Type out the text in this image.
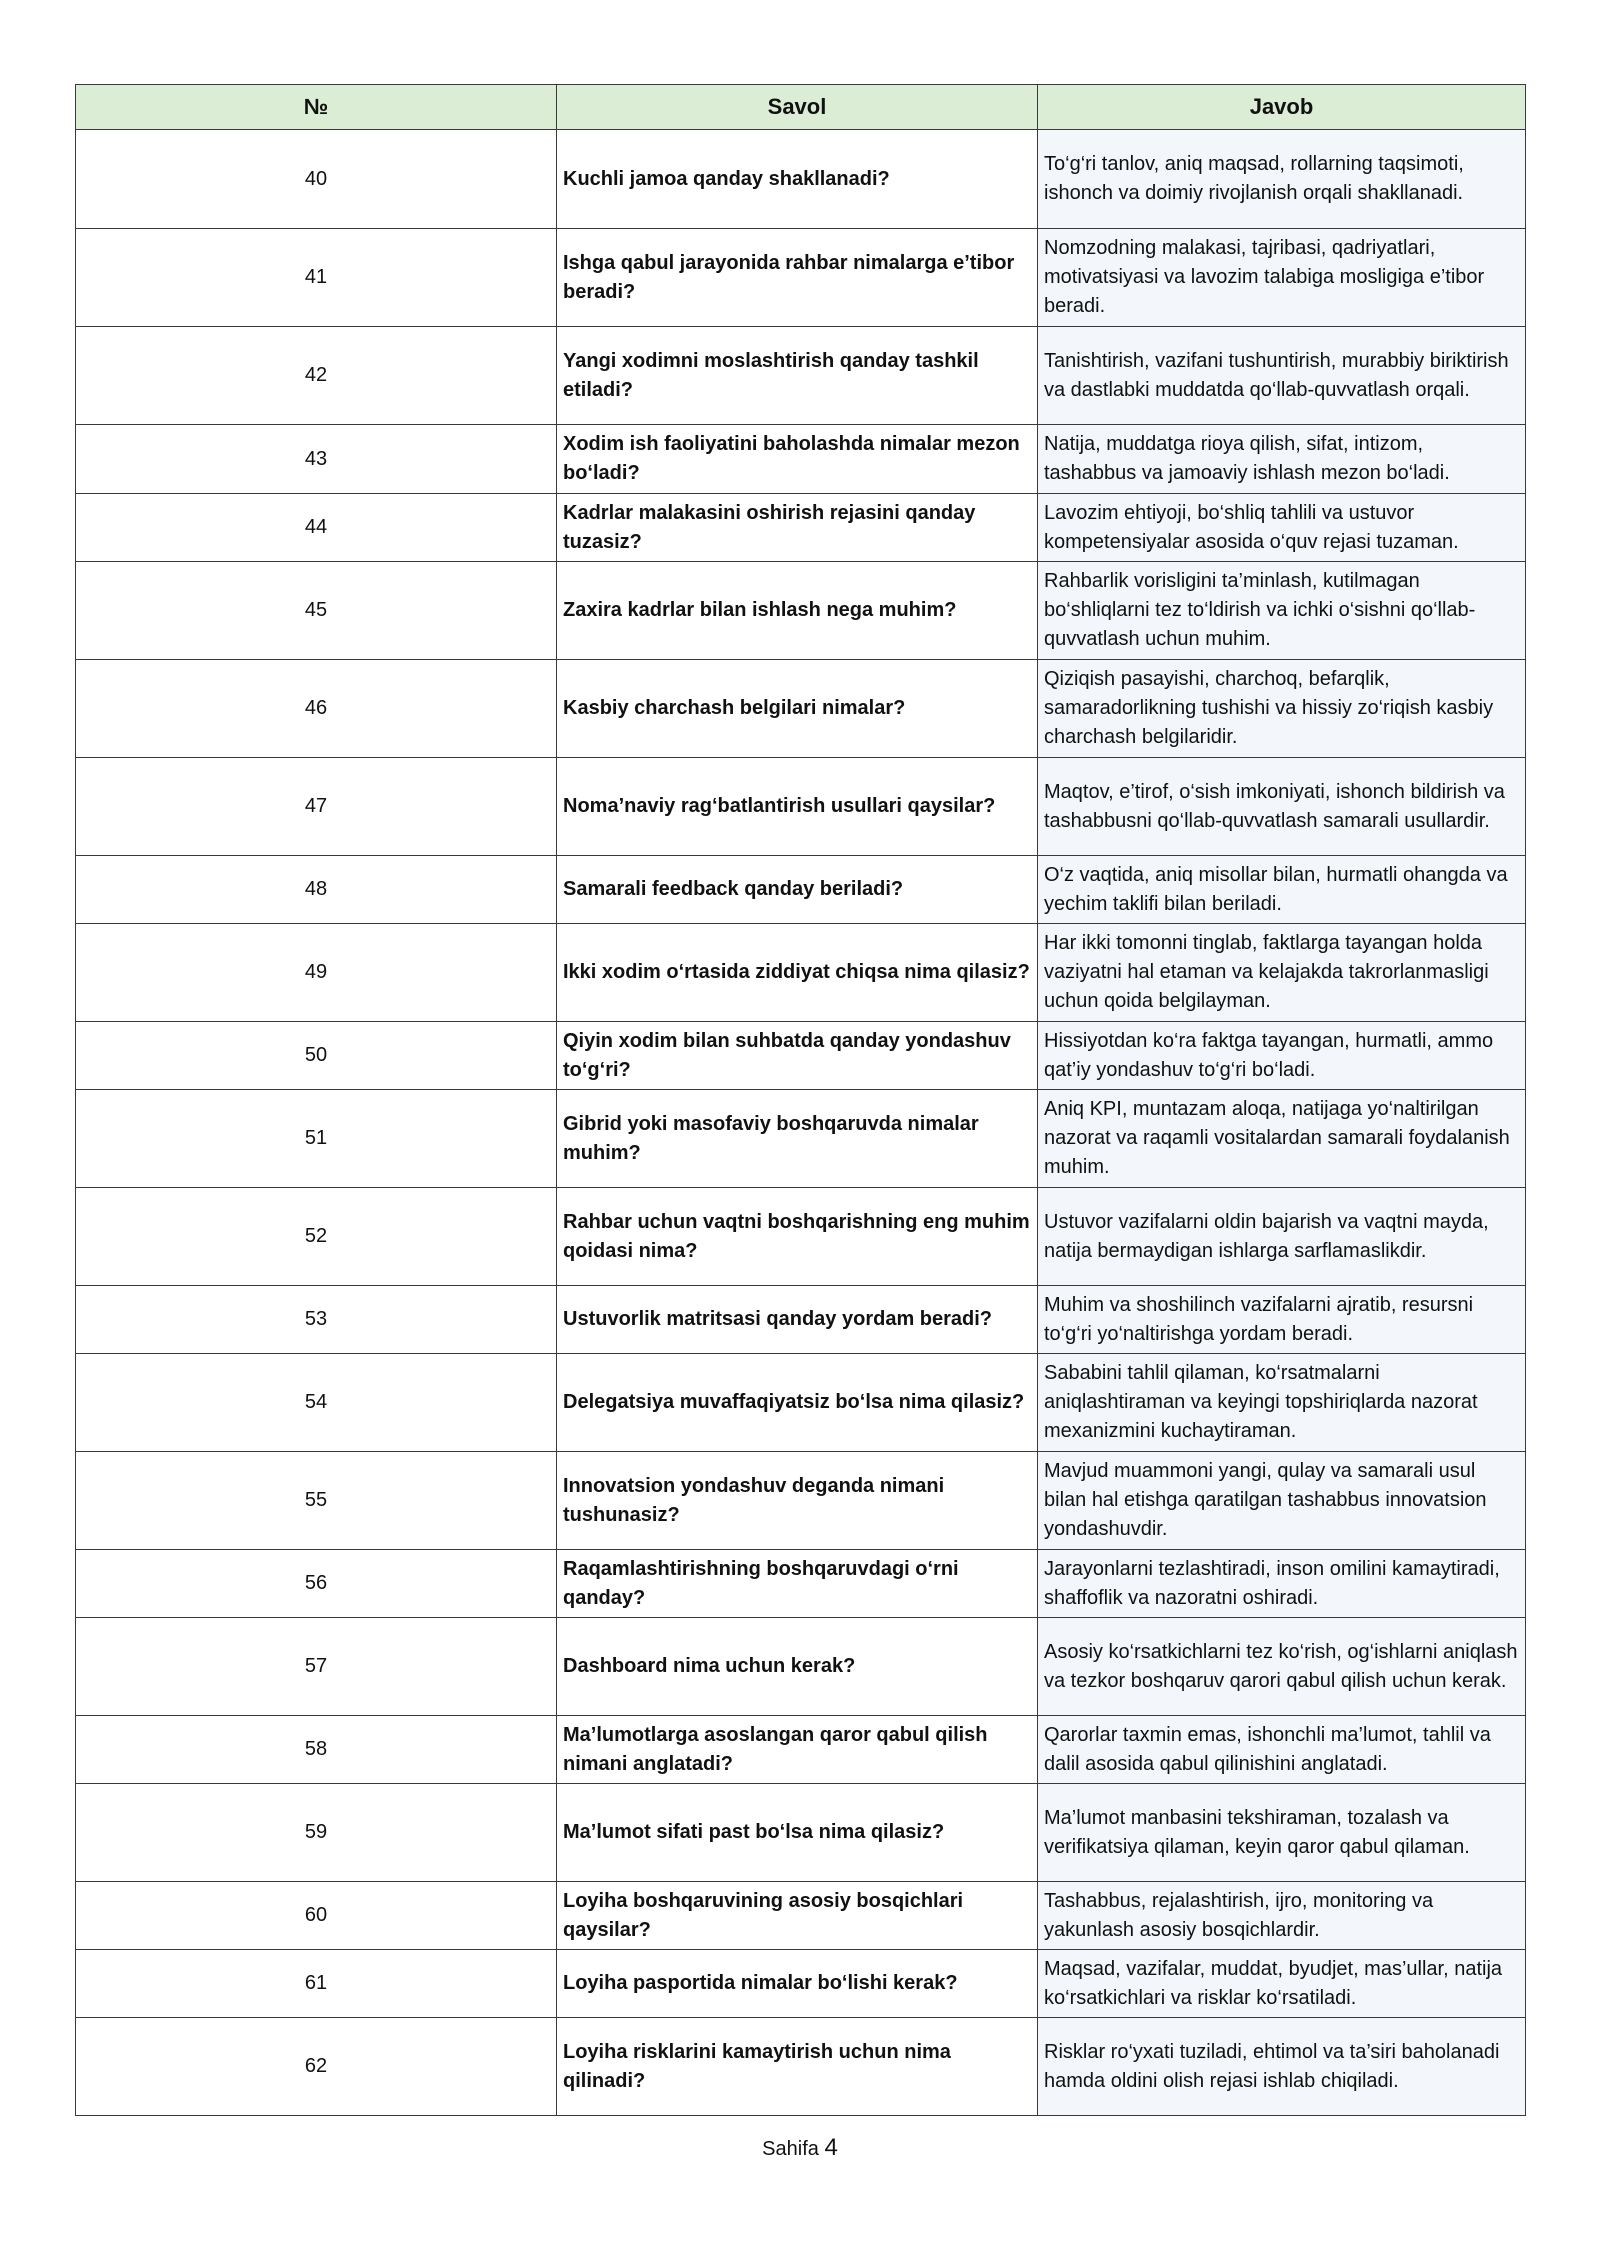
№	Savol	Javob
40	Kuchli jamoa qanday shakllanadi?	To‘g‘ri tanlov, aniq maqsad, rollarning taqsimoti, ishonch va doimiy rivojlanish orqali shakllanadi.
41	Ishga qabul jarayonida rahbar nimalarga e’tibor beradi?	Nomzodning malakasi, tajribasi, qadriyatlari, motivatsiyasi va lavozim talabiga mosligiga e’tibor beradi.
42	Yangi xodimni moslashtirish qanday tashkil etiladi?	Tanishtirish, vazifani tushuntirish, murabbiy biriktirish va dastlabki muddatda qo‘llab-quvvatlash orqali.
43	Xodim ish faoliyatini baholashda nimalar mezon bo‘ladi?	Natija, muddatga rioya qilish, sifat, intizom, tashabbus va jamoaviy ishlash mezon bo‘ladi.
44	Kadrlar malakasini oshirish rejasini qanday tuzasiz?	Lavozim ehtiyoji, bo‘shliq tahlili va ustuvor kompetensiyalar asosida o‘quv rejasi tuzaman.
45	Zaxira kadrlar bilan ishlash nega muhim?	Rahbarlik vorisligini ta’minlash, kutilmagan bo‘shliqlarni tez to‘ldirish va ichki o‘sishni qo‘llab-quvvatlash uchun muhim.
46	Kasbiy charchash belgilari nimalar?	Qiziqish pasayishi, charchoq, befarqlik, samaradorlikning tushishi va hissiy zo‘riqish kasbiy charchash belgilaridir.
47	Noma’naviy rag‘batlantirish usullari qaysilar?	Maqtov, e’tirof, o‘sish imkoniyati, ishonch bildirish va tashabbusni qo‘llab-quvvatlash samarali usullardir.
48	Samarali feedback qanday beriladi?	O‘z vaqtida, aniq misollar bilan, hurmatli ohangda va yechim taklifi bilan beriladi.
49	Ikki xodim o‘rtasida ziddiyat chiqsa nima qilasiz?	Har ikki tomonni tinglab, faktlarga tayangan holda vaziyatni hal etaman va kelajakda takrorlanmasligi uchun qoida belgilayman.
50	Qiyin xodim bilan suhbatda qanday yondashuv to‘g‘ri?	Hissiyotdan ko‘ra faktga tayangan, hurmatli, ammo qat’iy yondashuv to‘g‘ri bo‘ladi.
51	Gibrid yoki masofaviy boshqaruvda nimalar muhim?	Aniq KPI, muntazam aloqa, natijaga yo‘naltirilgan nazorat va raqamli vositalardan samarali foydalanish muhim.
52	Rahbar uchun vaqtni boshqarishning eng muhim qoidasi nima?	Ustuvor vazifalarni oldin bajarish va vaqtni mayda, natija bermaydigan ishlarga sarflamaslikdir.
53	Ustuvorlik matritsasi qanday yordam beradi?	Muhim va shoshilinch vazifalarni ajratib, resursni to‘g‘ri yo‘naltirishga yordam beradi.
54	Delegatsiya muvaffaqiyatsiz bo‘lsa nima qilasiz?	Sababini tahlil qilaman, ko‘rsatmalarni aniqlashtiraman va keyingi topshiriqlarda nazorat mexanizmini kuchaytiraman.
55	Innovatsion yondashuv deganda nimani tushunasiz?	Mavjud muammoni yangi, qulay va samarali usul bilan hal etishga qaratilgan tashabbus innovatsion yondashuvdir.
56	Raqamlashtirishning boshqaruvdagi o‘rni qanday?	Jarayonlarni tezlashtiradi, inson omilini kamaytiradi, shaffoflik va nazoratni oshiradi.
57	Dashboard nima uchun kerak?	Asosiy ko‘rsatkichlarni tez ko‘rish, og‘ishlarni aniqlash va tezkor boshqaruv qarori qabul qilish uchun kerak.
58	Ma’lumotlarga asoslangan qaror qabul qilish nimani anglatadi?	Qarorlar taxmin emas, ishonchli ma’lumot, tahlil va dalil asosida qabul qilinishini anglatadi.
59	Ma’lumot sifati past bo‘lsa nima qilasiz?	Ma’lumot manbasini tekshiraman, tozalash va verifikatsiya qilaman, keyin qaror qabul qilaman.
60	Loyiha boshqaruvining asosiy bosqichlari qaysilar?	Tashabbus, rejalashtirish, ijro, monitoring va yakunlash asosiy bosqichlardir.
61	Loyiha pasportida nimalar bo‘lishi kerak?	Maqsad, vazifalar, muddat, byudjet, mas’ullar, natija ko‘rsatkichlari va risklar ko‘rsatiladi.
62	Loyiha risklarini kamaytirish uchun nima qilinadi?	Risklar ro‘yxati tuziladi, ehtimol va ta’siri baholanadi hamda oldini olish rejasi ishlab chiqiladi.
Sahifa 4
